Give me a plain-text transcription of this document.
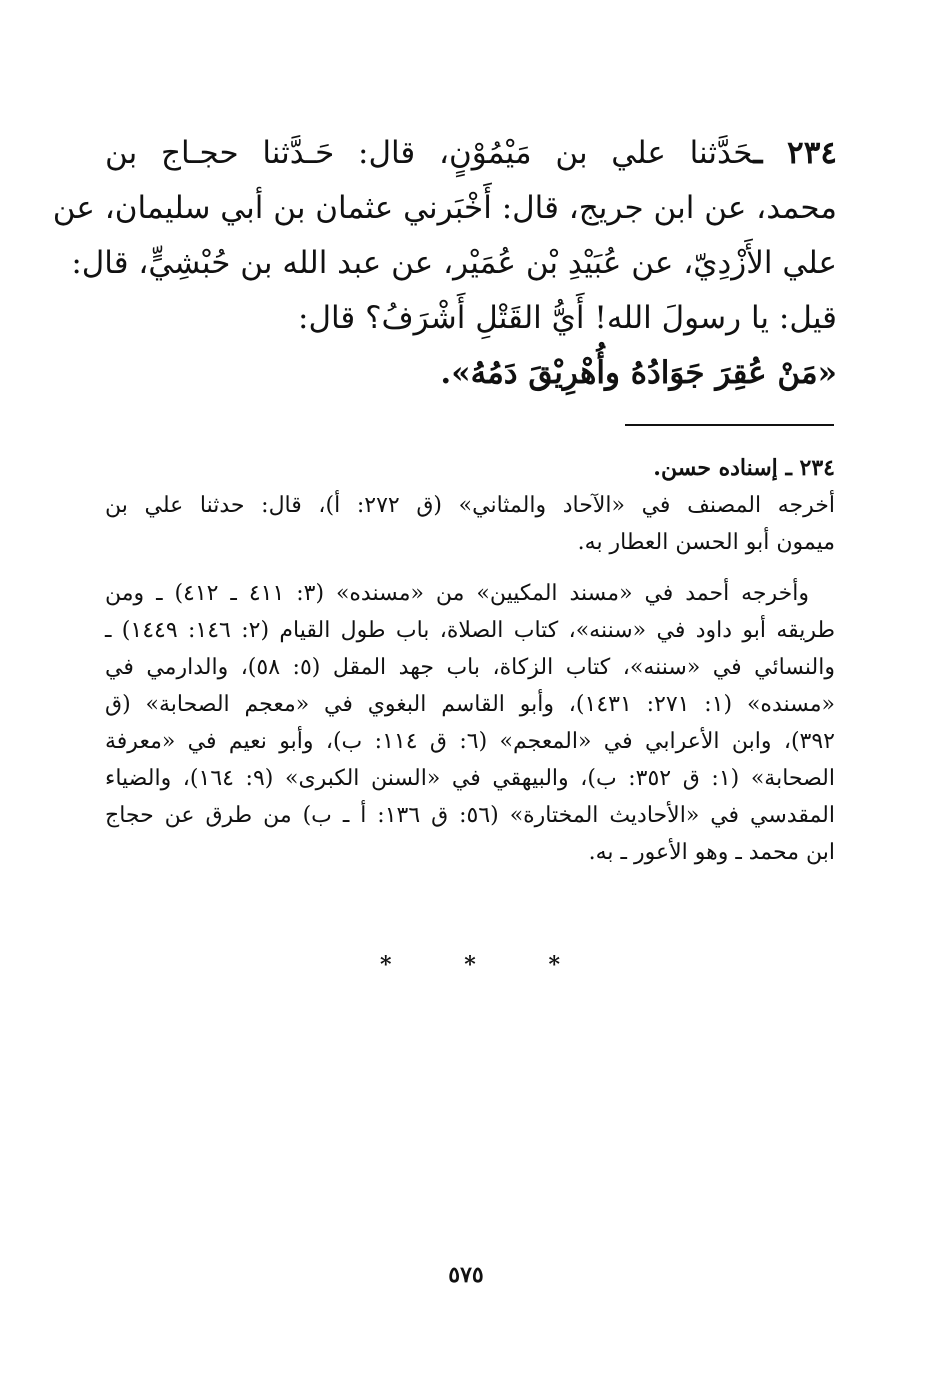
٢٣٤ ـحَدَّثنا علي بن مَيْمُوْنٍ، قال: حَـدَّثنا حجـاج بن
محمد، عن ابن جريج، قال: أَخْبَرني عثمان بن أبي سليمان، عن
علي الأَزْدِيّ، عن عُبَيْدِ بْن عُمَيْر، عن عبد الله بن حُبْشِيٍّ، قال:
قيل: يا رسولَ الله! أَيُّ القَتْلِ أَشْرَفُ؟ قال:
«مَنْ عُقِرَ جَوَادُهُ وأُهْرِيْقَ دَمُهُ».
٢٣٤ ـ إسناده حسن.
أخرجه المصنف في «الآحاد والمثاني» (ق ٢٧٢: أ)، قال: حدثنا علي بن
ميمون أبو الحسن العطار به.
وأخرجه أحمد في «مسند المكيين» من «مسنده» (٣: ٤١١ ـ ٤١٢) ـ ومن
طريقه أبو داود في «سننه»، كتاب الصلاة، باب طول القيام (٢: ١٤٦: ١٤٤٩) ـ
والنسائي في «سننه»، كتاب الزكاة، باب جهد المقل (٥: ٥٨)، والدارمي في
«مسنده» (١: ٢٧١: ١٤٣١)، وأبو القاسم البغوي في «معجم الصحابة» (ق
٣٩٢)، وابن الأعرابي في «المعجم» (٦: ق ١١٤: ب)، وأبو نعيم في «معرفة
الصحابة» (١: ق ٣٥٢: ب)، والبيهقي في «السنن الكبرى» (٩: ١٦٤)، والضياء
المقدسي في «الأحاديث المختارة» (٥٦: ق ١٣٦: أ ـ ب) من طرق عن حجاج
ابن محمد ـ وهو الأعور ـ به.
*
*
*
٥٧٥
